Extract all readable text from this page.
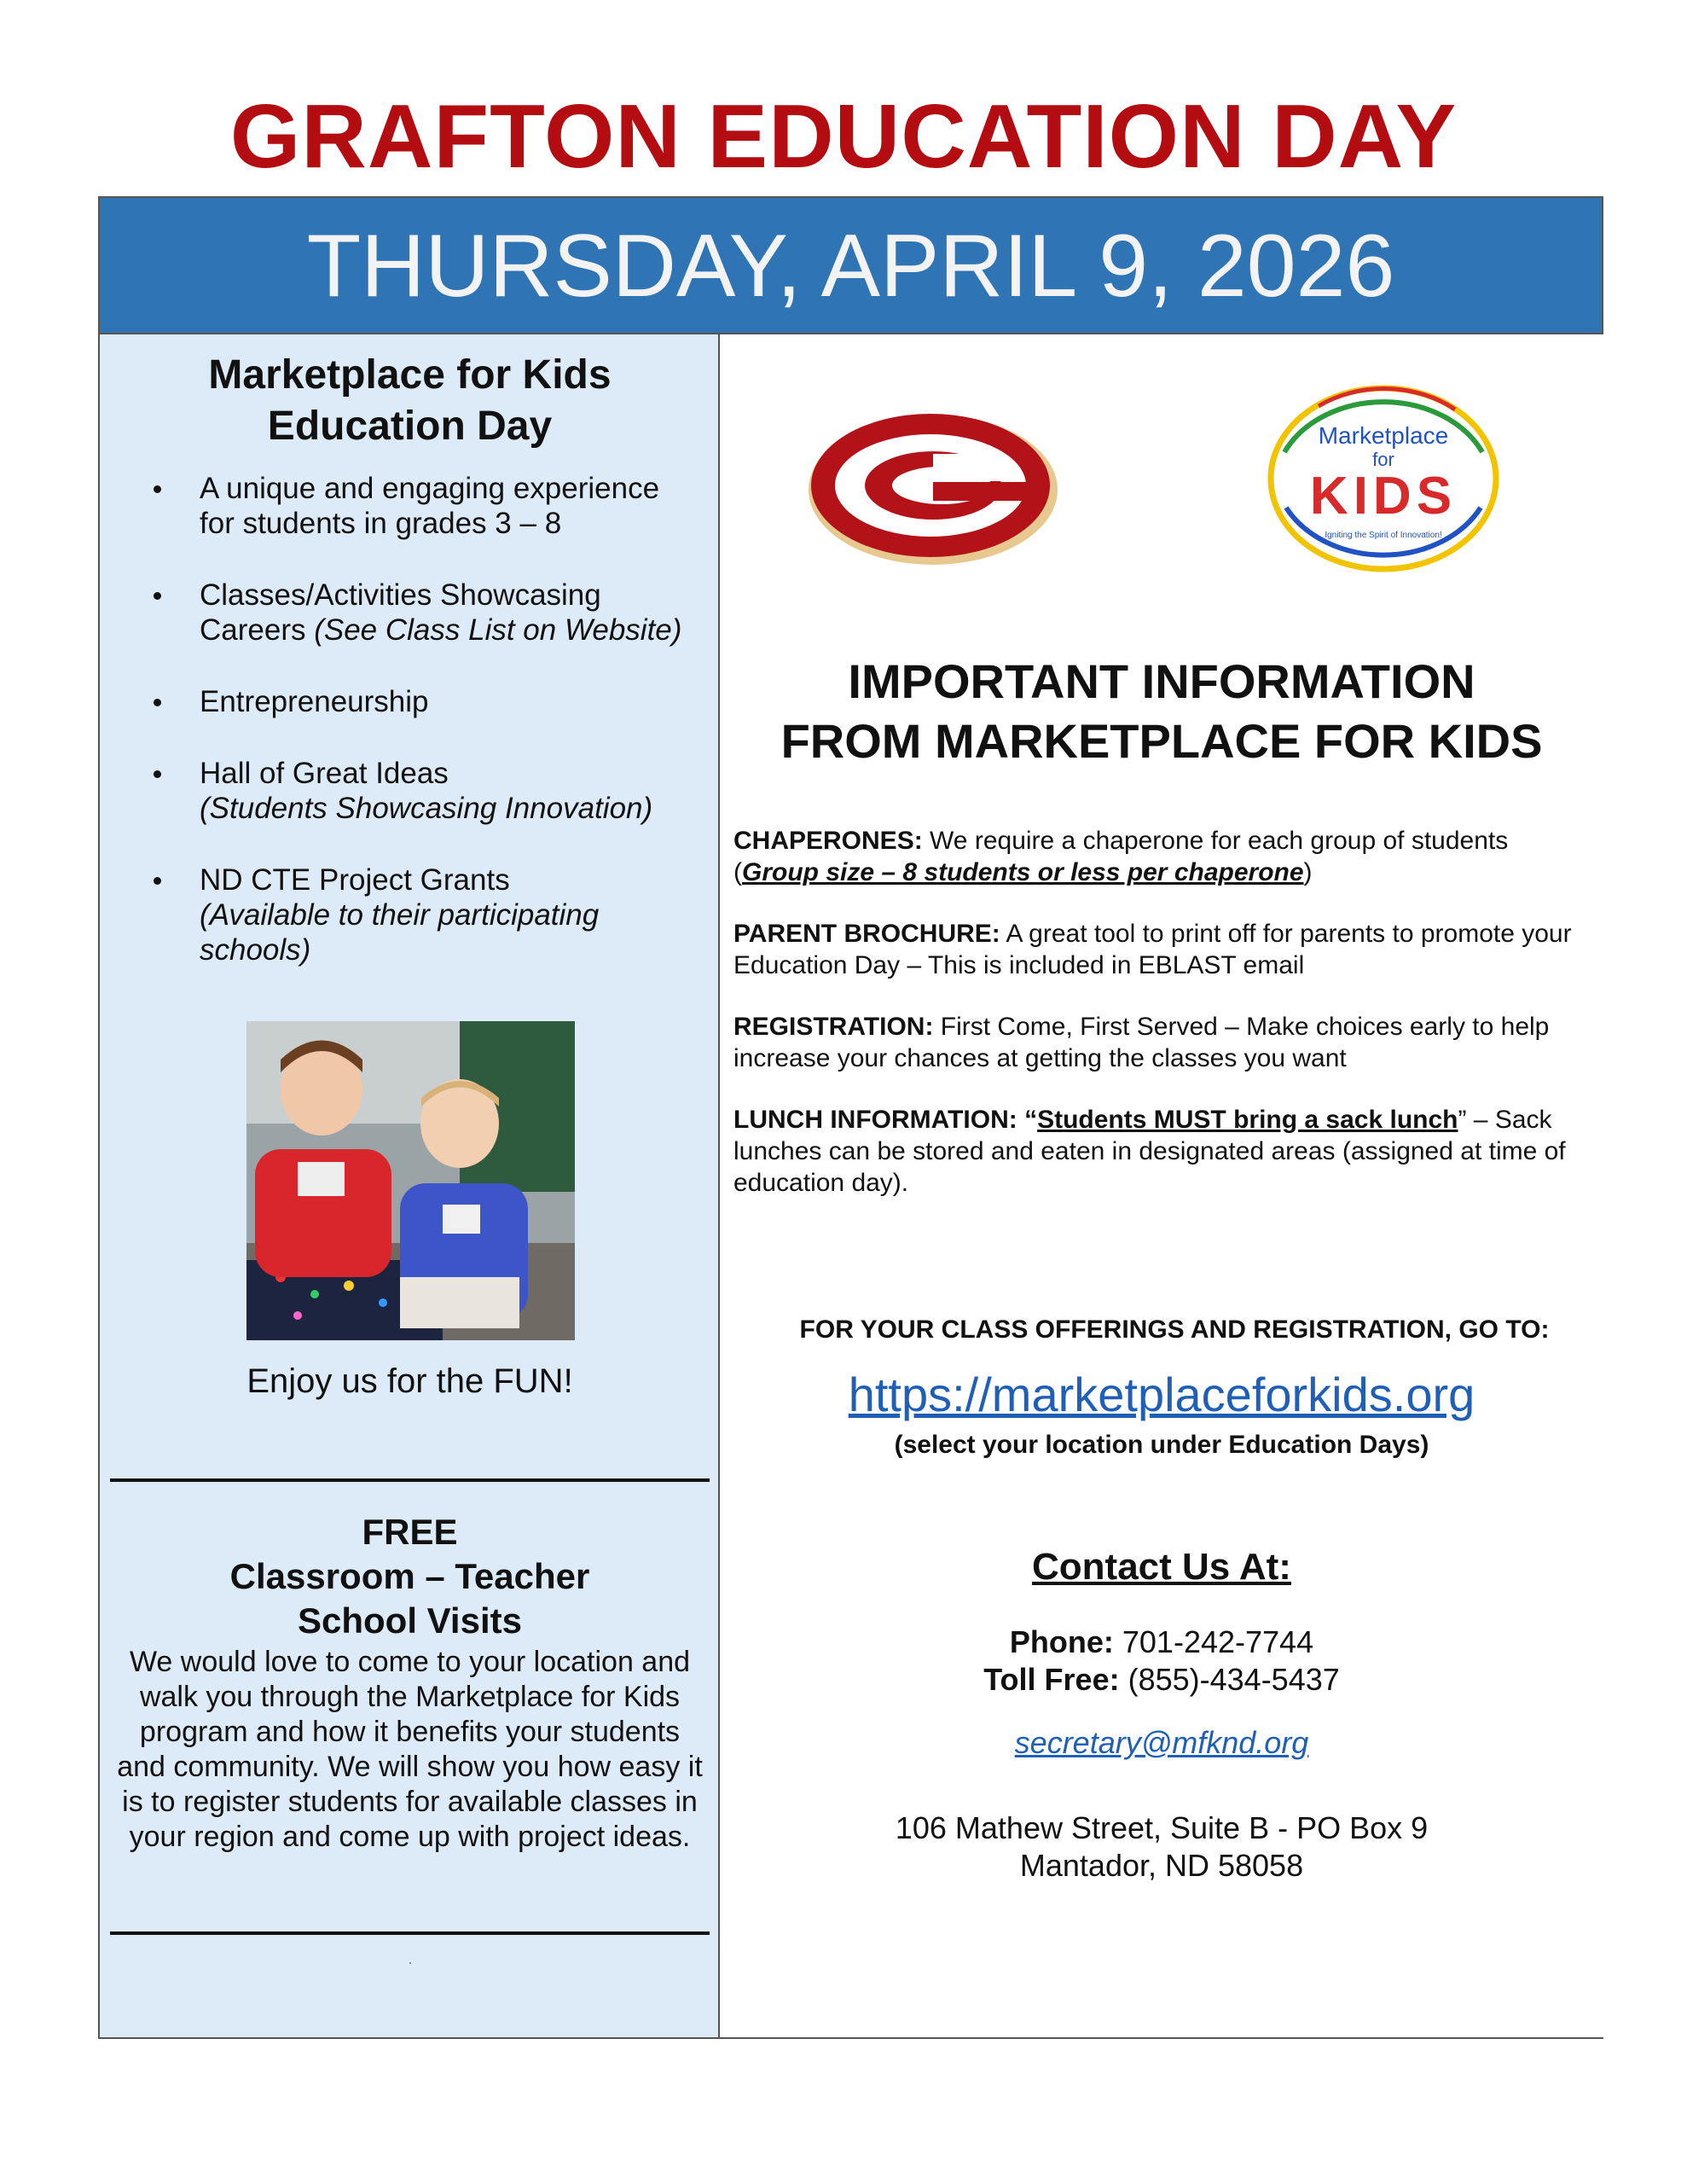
GRAFTON EDUCATION DAY
THURSDAY, APRIL 9, 2026
Marketplace for Kids
Education Day
A unique and engaging experience
for students in grades 3 – 8
Classes/Activities Showcasing
Careers (See Class List on Website)
Entrepreneurship
Hall of Great Ideas
(Students Showcasing Innovation)
ND CTE Project Grants
(Available to their participating
schools)
Enjoy us for the FUN!
FREE
Classroom – Teacher
School Visits
We would love to come to your location and walk you through the Marketplace for Kids program and how it benefits your students and community. We will show you how easy it is to register students for available classes in your region and come up with project ideas.
Marketplace
for
KIDS
Igniting the Spirit of Innovation!
IMPORTANT INFORMATION
FROM MARKETPLACE FOR KIDS

CHAPERONES: We require a chaperone for each group of students (Group size – 8 students or less per chaperone)

PARENT BROCHURE: A great tool to print off for parents to promote your Education Day – This is included in EBLAST email

REGISTRATION: First Come, First Served – Make choices early to help increase your chances at getting the classes you want

LUNCH INFORMATION: “Students MUST bring a sack lunch” – Sack lunches can be stored and eaten in designated areas (assigned at time of education day).

FOR YOUR CLASS OFFERINGS AND REGISTRATION, GO TO:
https://marketplaceforkids.org
(select your location under Education Days)
Contact Us At:
Phone: 701-242-7744
Toll Free: (855)-434-5437
secretary@mfknd.org
106 Mathew Street, Suite B - PO Box 9
Mantador, ND 58058
